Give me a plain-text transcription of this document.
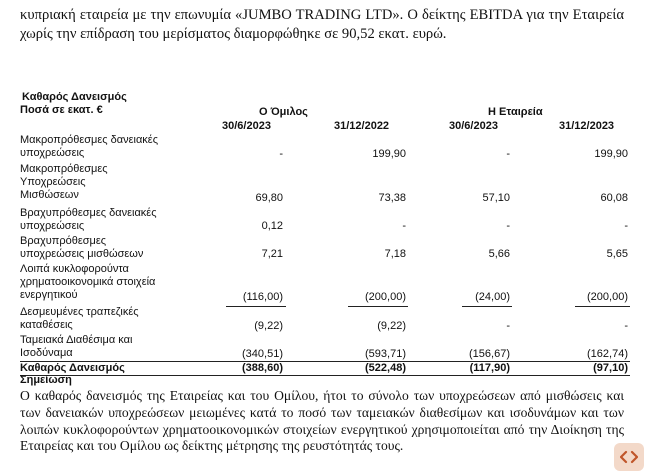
κυπριακή εταιρεία με την επωνυμία «JUMBO TRADING LTD». Ο δείκτης EBITDA για την Εταιρεία χωρίς την επίδραση του μερίσματος διαμορφώθηκε σε 90,52 εκατ. ευρώ.

Καθαρός Δανεισμός
Ποσά σε εκατ. €	Ο Όμιλος	Η Εταιρεία
30/6/2023	31/12/2022	30/6/2023	31/12/2023
Μακροπρόθεσμες δανειακές υποχρεώσεις	-	199,90	-	199,90
Μακροπρόθεσμες Υποχρεώσεις Μισθώσεων	69,80	73,38	57,10	60,08
Βραχυπρόθεσμες δανειακές υποχρεώσεις	0,12	-	-	-
Βραχυπρόθεσμες υποχρεώσεις μισθώσεων	7,21	7,18	5,66	5,65
Λοιπά κυκλοφορούντα χρηματοοικονομικά στοιχεία ενεργητικού	(116,00)	(200,00)	(24,00)	(200,00)
Δεσμευμένες τραπεζικές καταθέσεις	(9,22)	(9,22)	-	-
Ταμειακά Διαθέσιμα και Ισοδύναμα	(340,51)	(593,71)	(156,67)	(162,74)
Καθαρός Δανεισμός	(388,60)	(522,48)	(117,90)	(97,10)
Σημείωση

Ο καθαρός δανεισμός της Εταιρείας και του Ομίλου, ήτοι το σύνολο των υποχρεώσεων από μισθώσεις και των δανειακών υποχρεώσεων μειωμένες κατά το ποσό των ταμειακών διαθεσίμων και ισοδυνάμων και των λοιπών κυκλοφορούντων χρηματοοικονομικών στοιχείων ενεργητικού χρησιμοποιείται από την Διοίκηση της Εταιρείας και του Ομίλου ως δείκτης μέτρησης της ρευστότητάς τους.
